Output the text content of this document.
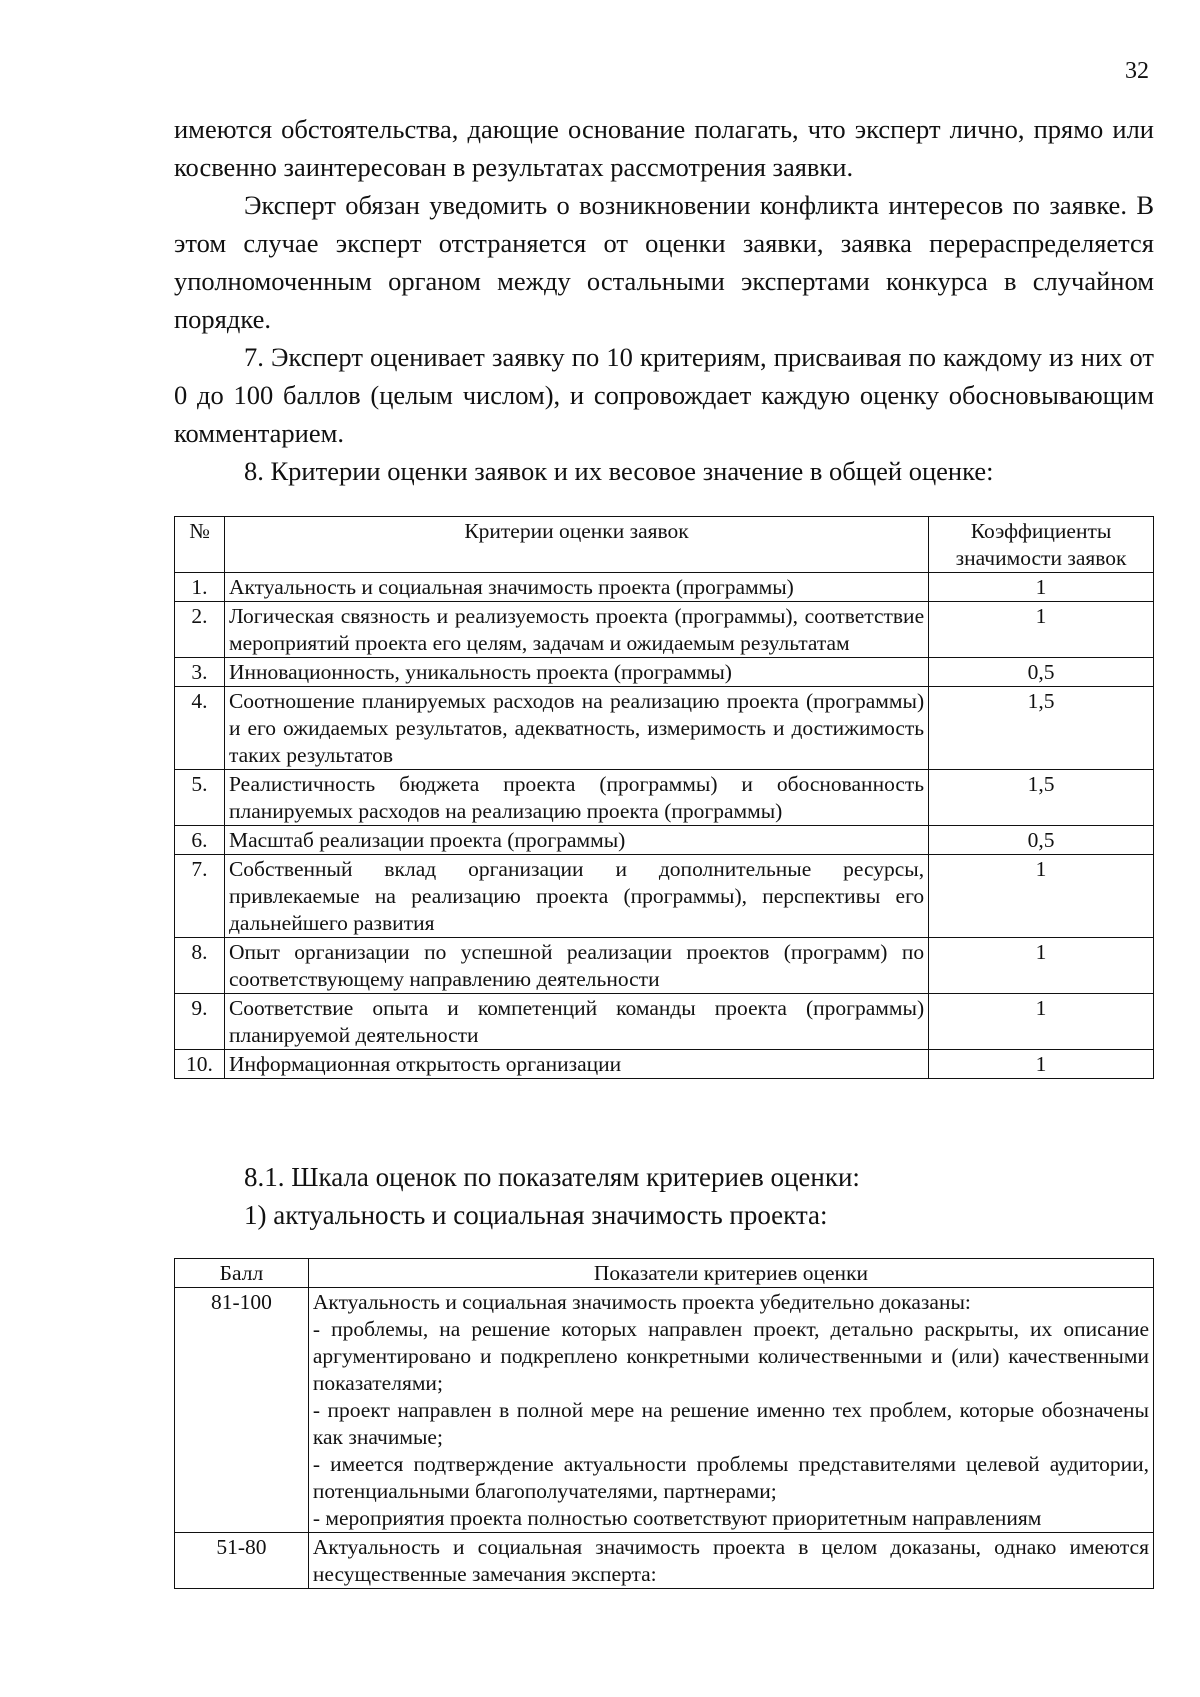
32

имеются обстоятельства, дающие основание полагать, что эксперт лично, прямо или косвенно заинтересован в результатах рассмотрения заявки.

Эксперт обязан уведомить о возникновении конфликта интересов по заявке. В этом случае эксперт отстраняется от оценки заявки, заявка перераспределяется уполномоченным органом между остальными экспертами конкурса в случайном порядке.

7. Эксперт оценивает заявку по 10 критериям, присваивая по каждому из них от 0 до 100 баллов (целым числом), и сопровождает каждую оценку обосновывающим комментарием.

8. Критерии оценки заявок и их весовое значение в общей оценке:

№	Критерии оценки заявок	Коэффициенты значимости заявок
1.	Актуальность и социальная значимость проекта (программы)	1
2.	Логическая связность и реализуемость проекта (программы), соответствие мероприятий проекта его целям, задачам и ожидаемым результатам	1
3.	Инновационность, уникальность проекта (программы)	0,5
4.	Соотношение планируемых расходов на реализацию проекта (программы) и его ожидаемых результатов, адекватность, измеримость и достижимость таких результатов	1,5
5.	Реалистичность бюджета проекта (программы) и обоснованность планируемых расходов на реализацию проекта (программы)	1,5
6.	Масштаб реализации проекта (программы)	0,5
7.	Собственный вклад организации и дополнительные ресурсы, привлекаемые на реализацию проекта (программы), перспективы его дальнейшего развития	1
8.	Опыт организации по успешной реализации проектов (программ) по соответствующему направлению деятельности	1
9.	Соответствие опыта и компетенций команды проекта (программы) планируемой деятельности	1
10.	Информационная открытость организации	1

8.1. Шкала оценок по показателям критериев оценки:

1) актуальность и социальная значимость проекта:

Балл	Показатели критериев оценки
81-100	Актуальность и социальная значимость проекта убедительно доказаны:
- проблемы, на решение которых направлен проект, детально раскрыты, их описание аргументировано и подкреплено конкретными количественными и (или) качественными показателями;
- проект направлен в полной мере на решение именно тех проблем, которые обозначены как значимые;
- имеется подтверждение актуальности проблемы представителями целевой аудитории, потенциальными благополучателями, партнерами;
- мероприятия проекта полностью соответствуют приоритетным направлениям

51-80	Актуальность и социальная значимость проекта в целом доказаны, однако имеются несущественные замечания эксперта:
